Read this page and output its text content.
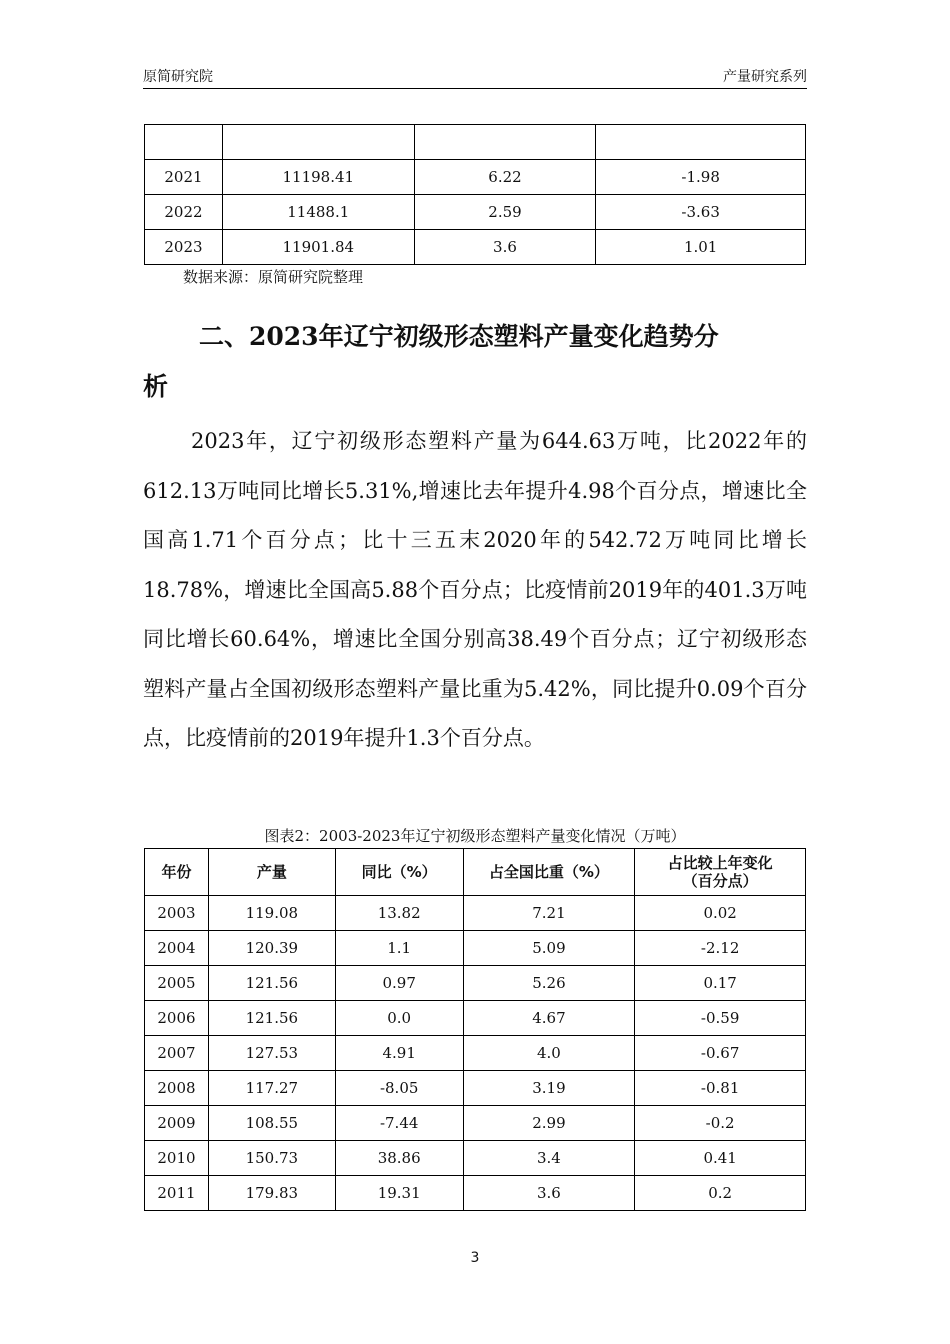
原简研究院	产量研究系列

2021	11198.41	6.22	-1.98
2022	11488.1	2.59	-3.63
2023	11901.84	3.6	1.01
数据来源：原简研究院整理
二、2023年辽宁初级形态塑料产量变化趋势分
析

2023年，辽宁初级形态塑料产量为644.63万吨，比2022年的612.13万吨同比增长5.31%,增速比去年提升4.98个百分点，增速比全国高1.71个百分点；比十三五末2020年的542.72万吨同比增长18.78%，增速比全国高5.88个百分点；比疫情前2019年的401.3万吨同比增长60.64%，增速比全国分别高38.49个百分点；辽宁初级形态塑料产量占全国初级形态塑料产量比重为5.42%，同比提升0.09个百分点，比疫情前的2019年提升1.3个百分点。

图表2：2003-2023年辽宁初级形态塑料产量变化情况（万吨）
年份	产量	同比（%）	占全国比重（%）	占比较上年变化
（百分点）

2003	119.08	13.82	7.21	0.02
2004	120.39	1.1	5.09	-2.12
2005	121.56	0.97	5.26	0.17
2006	121.56	0.0	4.67	-0.59
2007	127.53	4.91	4.0	-0.67
2008	117.27	-8.05	3.19	-0.81
2009	108.55	-7.44	2.99	-0.2
2010	150.73	38.86	3.4	0.41
2011	179.83	19.31	3.6	0.2
3
